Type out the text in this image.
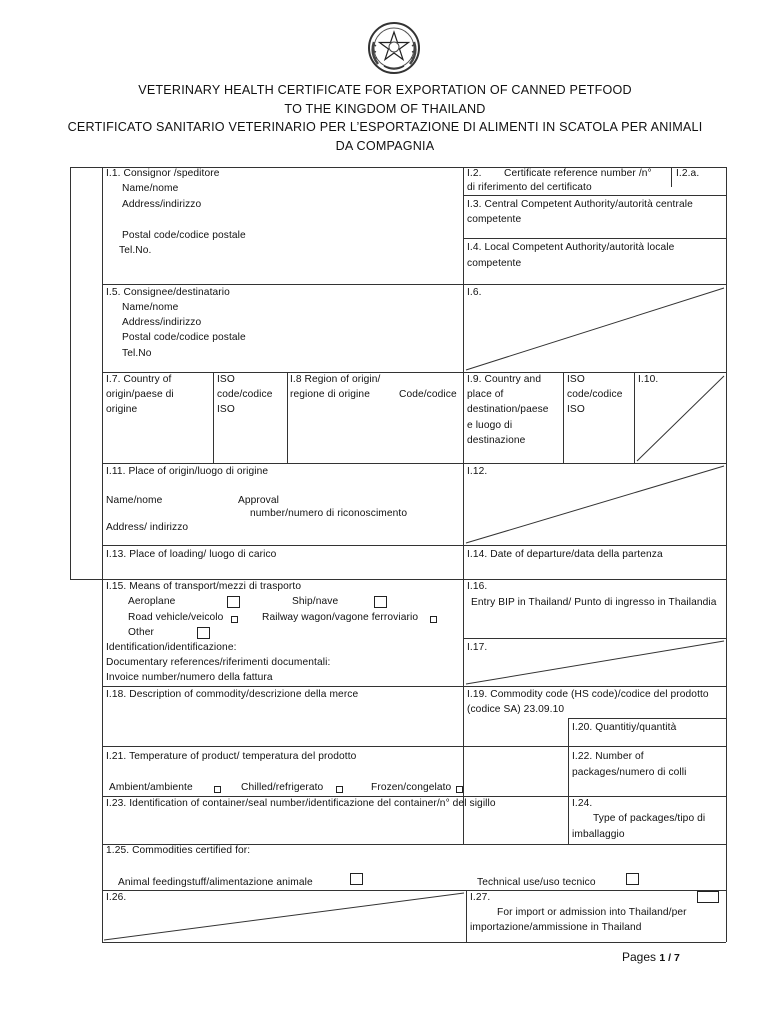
VETERINARY HEALTH CERTIFICATE FOR EXPORTATION OF CANNED PETFOOD
TO THE KINGDOM OF THAILAND
CERTIFICATO SANITARIO VETERINARIO PER L’ESPORTAZIONE DI ALIMENTI IN SCATOLA PER ANIMALI
DA COMPAGNIA
I.1. Consignor /speditore
Name/nome
Address/indirizzo
Postal code/codice postale
Tel.No.
I.2. Certificate reference number /n°
di riferimento del certificato
I.2.a.
I.3. Central Competent Authority/autorità centrale
competente
I.4. Local Competent Authority/autorità locale
competente
I.5. Consignee/destinatario
Name/nome
Address/indirizzo
Postal code/codice postale
Tel.No
I.6.
I.7. Country of
origin/paese di
origine
ISO
code/codice
ISO
I.8 Region of origin/
regione di origine	Code/codice
I.9. Country and
place of
destination/paese
e luogo di
destinazione
ISO
code/codice
ISO
I.10.
I.11. Place of origin/luogo di origine
Name/nome	Approval
number/numero di riconoscimento
Address/ indirizzo
I.12.
I.13. Place of loading/ luogo di carico	I.14. Date of departure/data della partenza
I.15. Means of transport/mezzi di trasporto
Aeroplane	Ship/nave
Road vehicle/veicolo	Railway wagon/vagone ferroviario
Other
Identification/identificazione:
Documentary references/riferimenti documentali:
Invoice number/numero della fattura
I.16.
Entry BIP in Thailand/ Punto di ingresso in Thailandia
I.17.
I.18. Description of commodity/descrizione della merce	I.19. Commodity code (HS code)/codice del prodotto
(codice SA) 23.09.10
I.20. Quantitiy/quantità
I.21. Temperature of product/ temperatura del prodotto
Ambient/ambiente	Chilled/refrigerato	Frozen/congelato
I.22. Number of
packages/numero di colli
I.23. Identification of container/seal number/identificazione del container/n° del sigillo	I.24.
Type of packages/tipo di
imballaggio
1.25. Commodities certified for:
Animal feedingstuff/alimentazione animale	Technical use/uso tecnico
I.26.	I.27.
For import or admission into Thailand/per
importazione/ammissione in Thailand
Pages 1 / 7
